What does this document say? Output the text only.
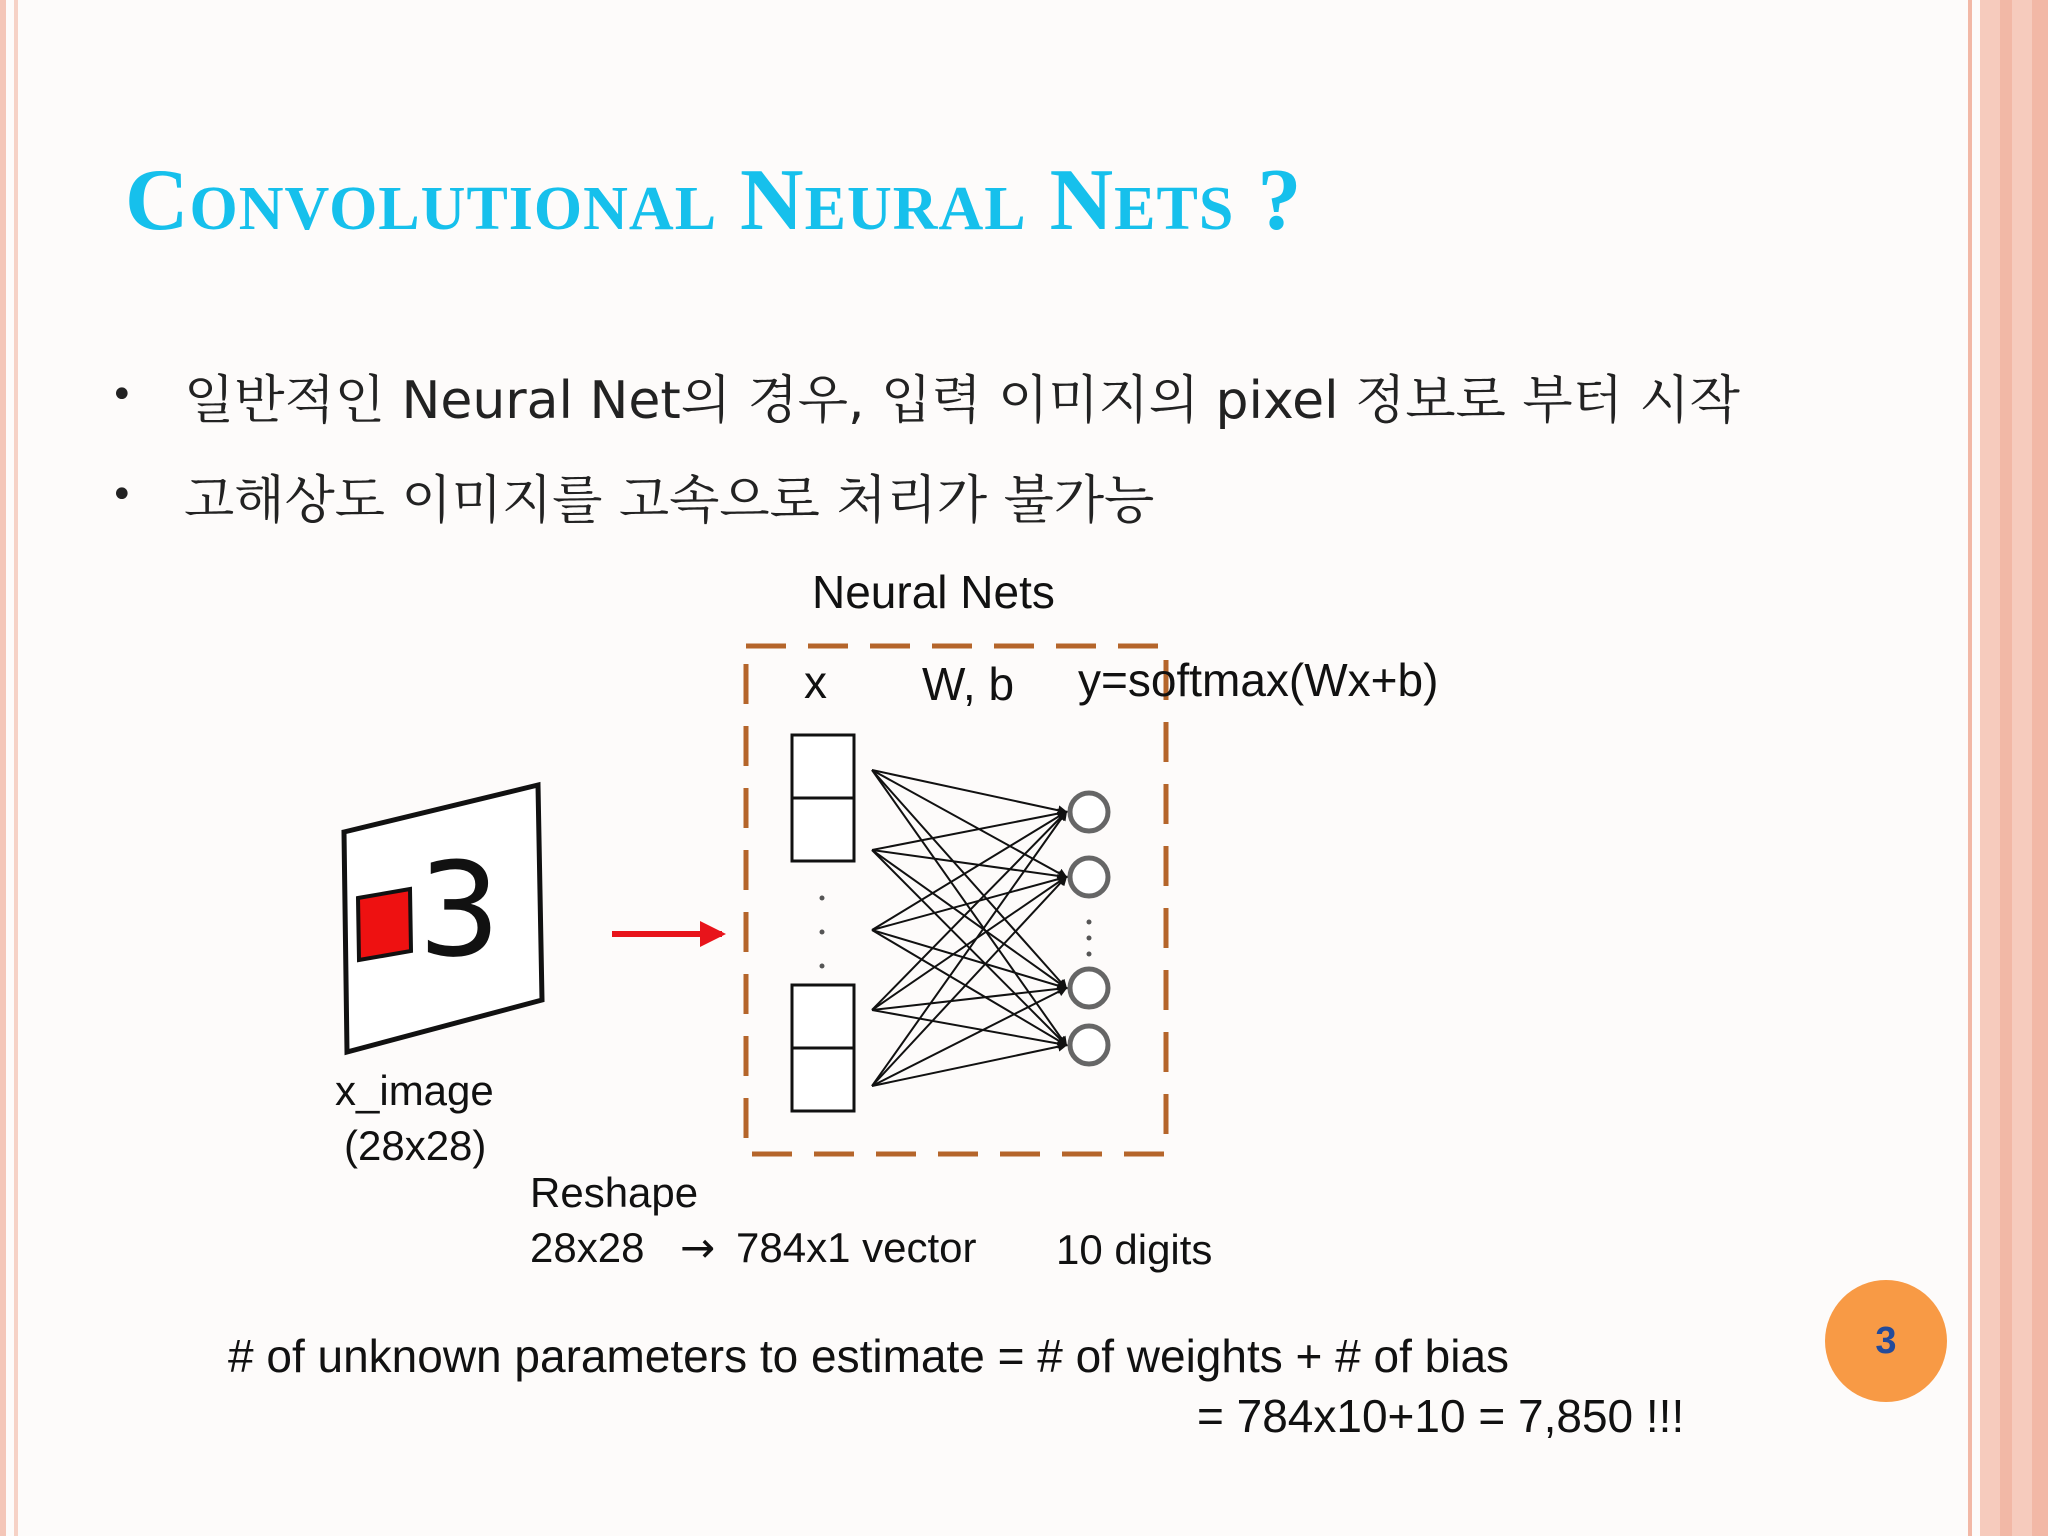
Convolutional Neural Nets ?
• 일반적인 Neural Net의 경우, 입력 이미지의 pixel 정보로 부터 시작
• 고해상도 이미지를 고속으로 처리가 불가능
Neural Nets
x W, b y=softmax(Wx+b)
3
x_image
(28x28)
Reshape
28x28 → 784x1 vector 10 digits
# of unknown parameters to estimate = # of weights + # of bias
= 784x10+10 = 7,850 !!!
3
